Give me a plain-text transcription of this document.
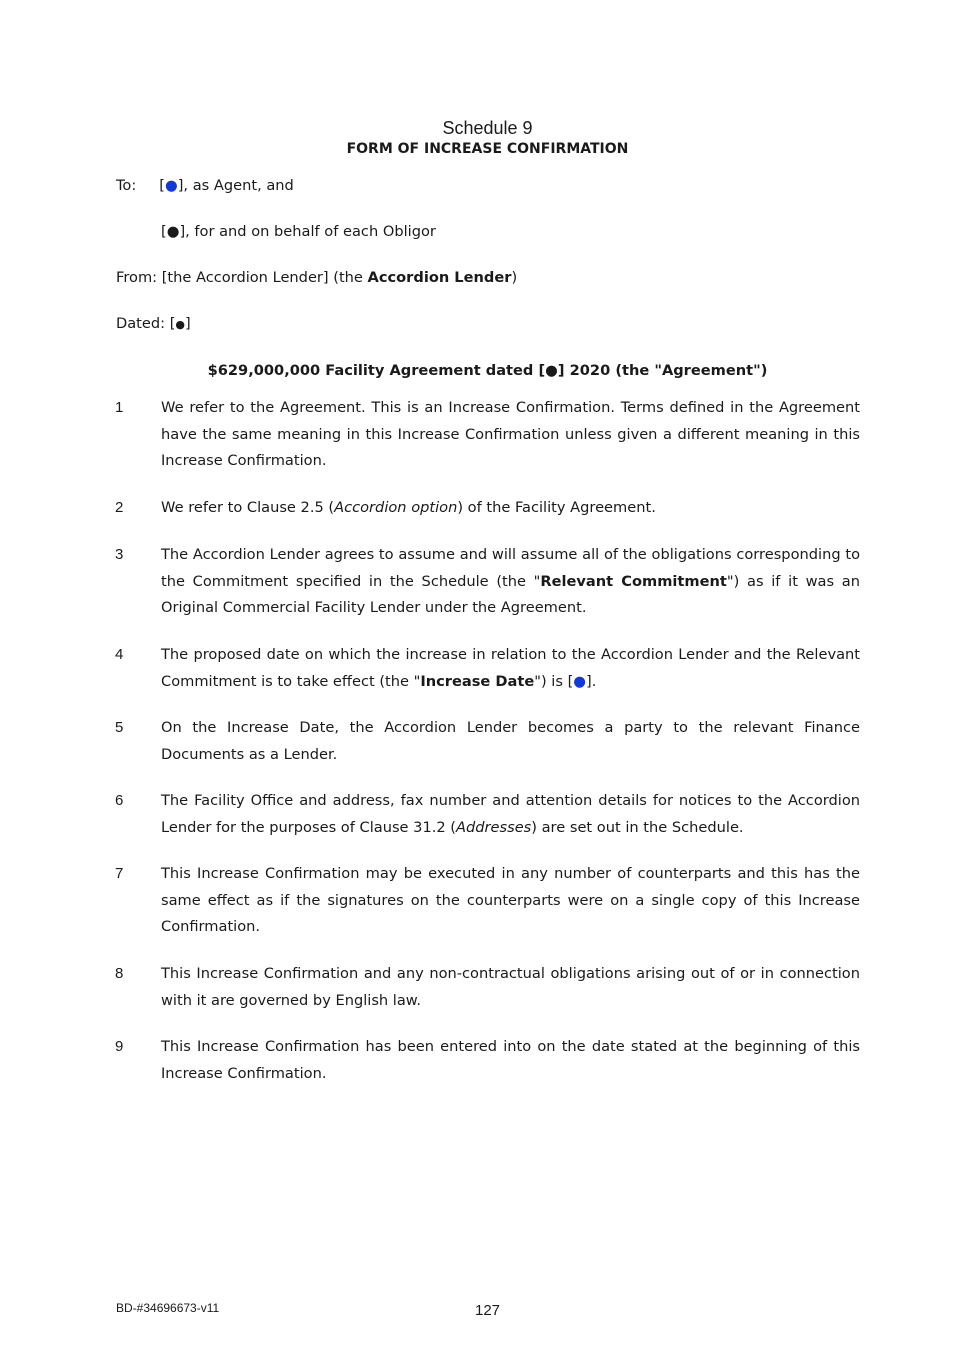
Schedule 9
FORM OF INCREASE CONFIRMATION
To: [●], as Agent, and
[●], for and on behalf of each Obligor
From: [the Accordion Lender] (the Accordion Lender)
Dated: [●]
$629,000,000 Facility Agreement dated [●] 2020 (the "Agreement")
1	We refer to the Agreement. This is an Increase Confirmation. Terms defined in the Agreement have the same meaning in this Increase Confirmation unless given a different meaning in this Increase Confirmation.
2	We refer to Clause 2.5 (Accordion option) of the Facility Agreement.
3	The Accordion Lender agrees to assume and will assume all of the obligations corresponding to the Commitment specified in the Schedule (the "Relevant Commitment") as if it was an Original Commercial Facility Lender under the Agreement.
4	The proposed date on which the increase in relation to the Accordion Lender and the Relevant Commitment is to take effect (the "Increase Date") is [●].
5	On the Increase Date, the Accordion Lender becomes a party to the relevant Finance Documents as a Lender.
6	The Facility Office and address, fax number and attention details for notices to the Accordion Lender for the purposes of Clause 31.2 (Addresses) are set out in the Schedule.
7	This Increase Confirmation may be executed in any number of counterparts and this has the same effect as if the signatures on the counterparts were on a single copy of this Increase Confirmation.
8	This Increase Confirmation and any non-contractual obligations arising out of or in connection with it are governed by English law.
9	This Increase Confirmation has been entered into on the date stated at the beginning of this Increase Confirmation.
BD-#34696673-v11	127
